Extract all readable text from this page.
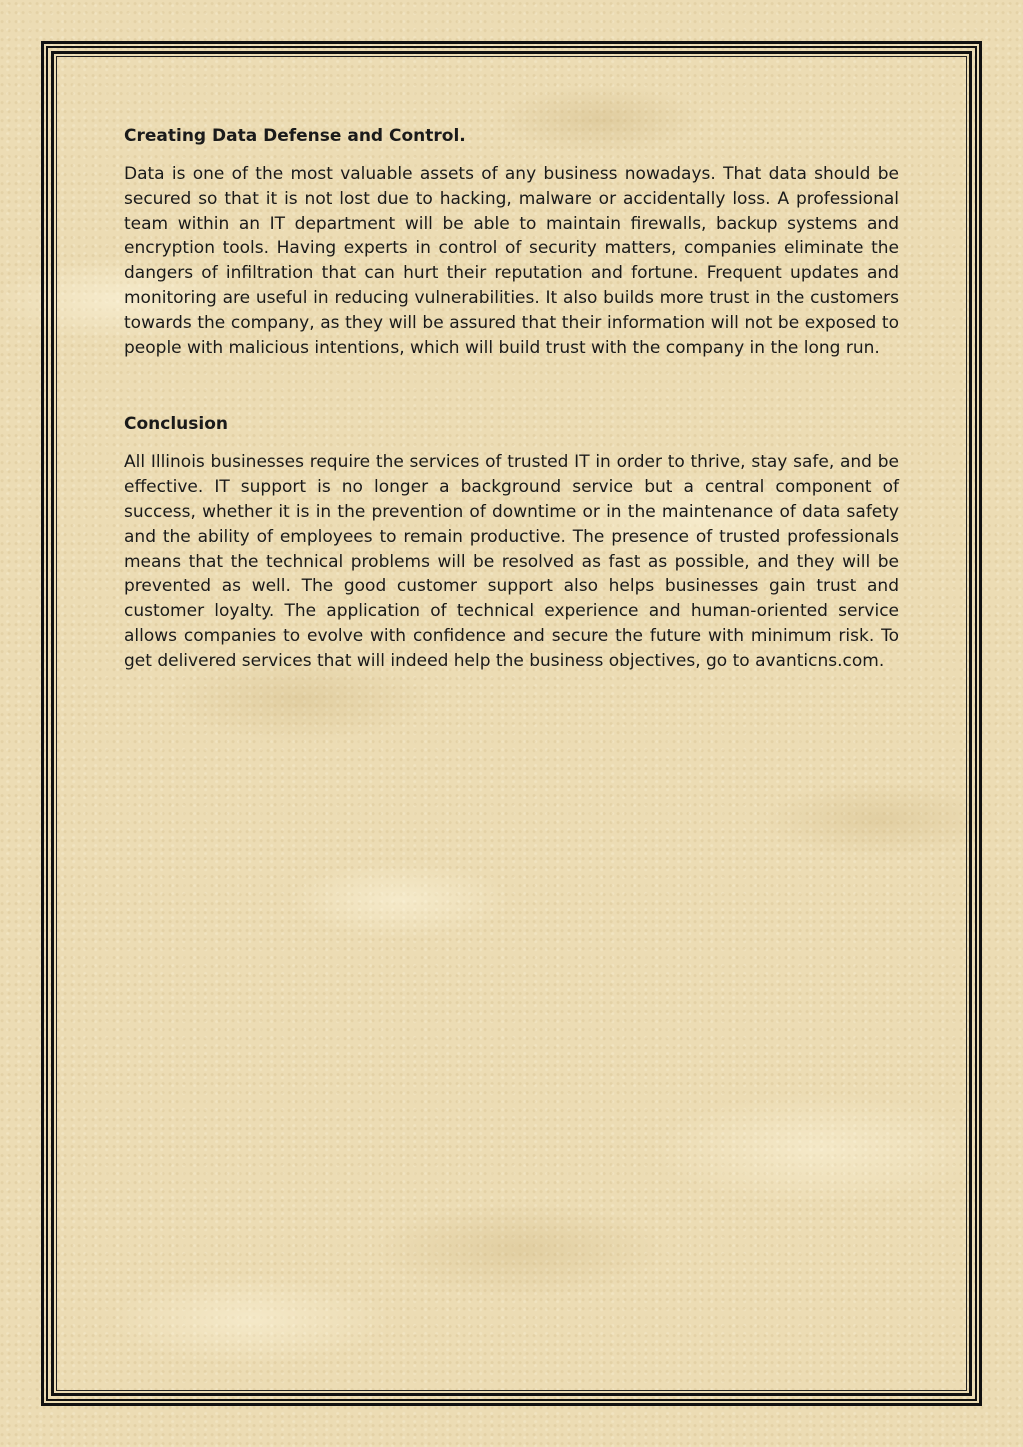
Creating Data Defense and Control.

Data is one of the most valuable assets of any business nowadays. That data should be secured so that it is not lost due to hacking, malware or accidentally loss. A professional team within an IT department will be able to maintain firewalls, backup systems and encryption tools. Having experts in control of security matters, companies eliminate the dangers of infiltration that can hurt their reputation and fortune. Frequent updates and monitoring are useful in reducing vulnerabilities. It also builds more trust in the customers towards the company, as they will be assured that their information will not be exposed to people with malicious intentions, which will build trust with the company in the long run.

Conclusion

All Illinois businesses require the services of trusted IT in order to thrive, stay safe, and be effective. IT support is no longer a background service but a central component of success, whether it is in the prevention of downtime or in the maintenance of data safety and the ability of employees to remain productive. The presence of trusted professionals means that the technical problems will be resolved as fast as possible, and they will be prevented as well. The good customer support also helps businesses gain trust and customer loyalty. The application of technical experience and human-oriented service allows companies to evolve with confidence and secure the future with minimum risk. To get delivered services that will indeed help the business objectives, go to avanticns.com.
